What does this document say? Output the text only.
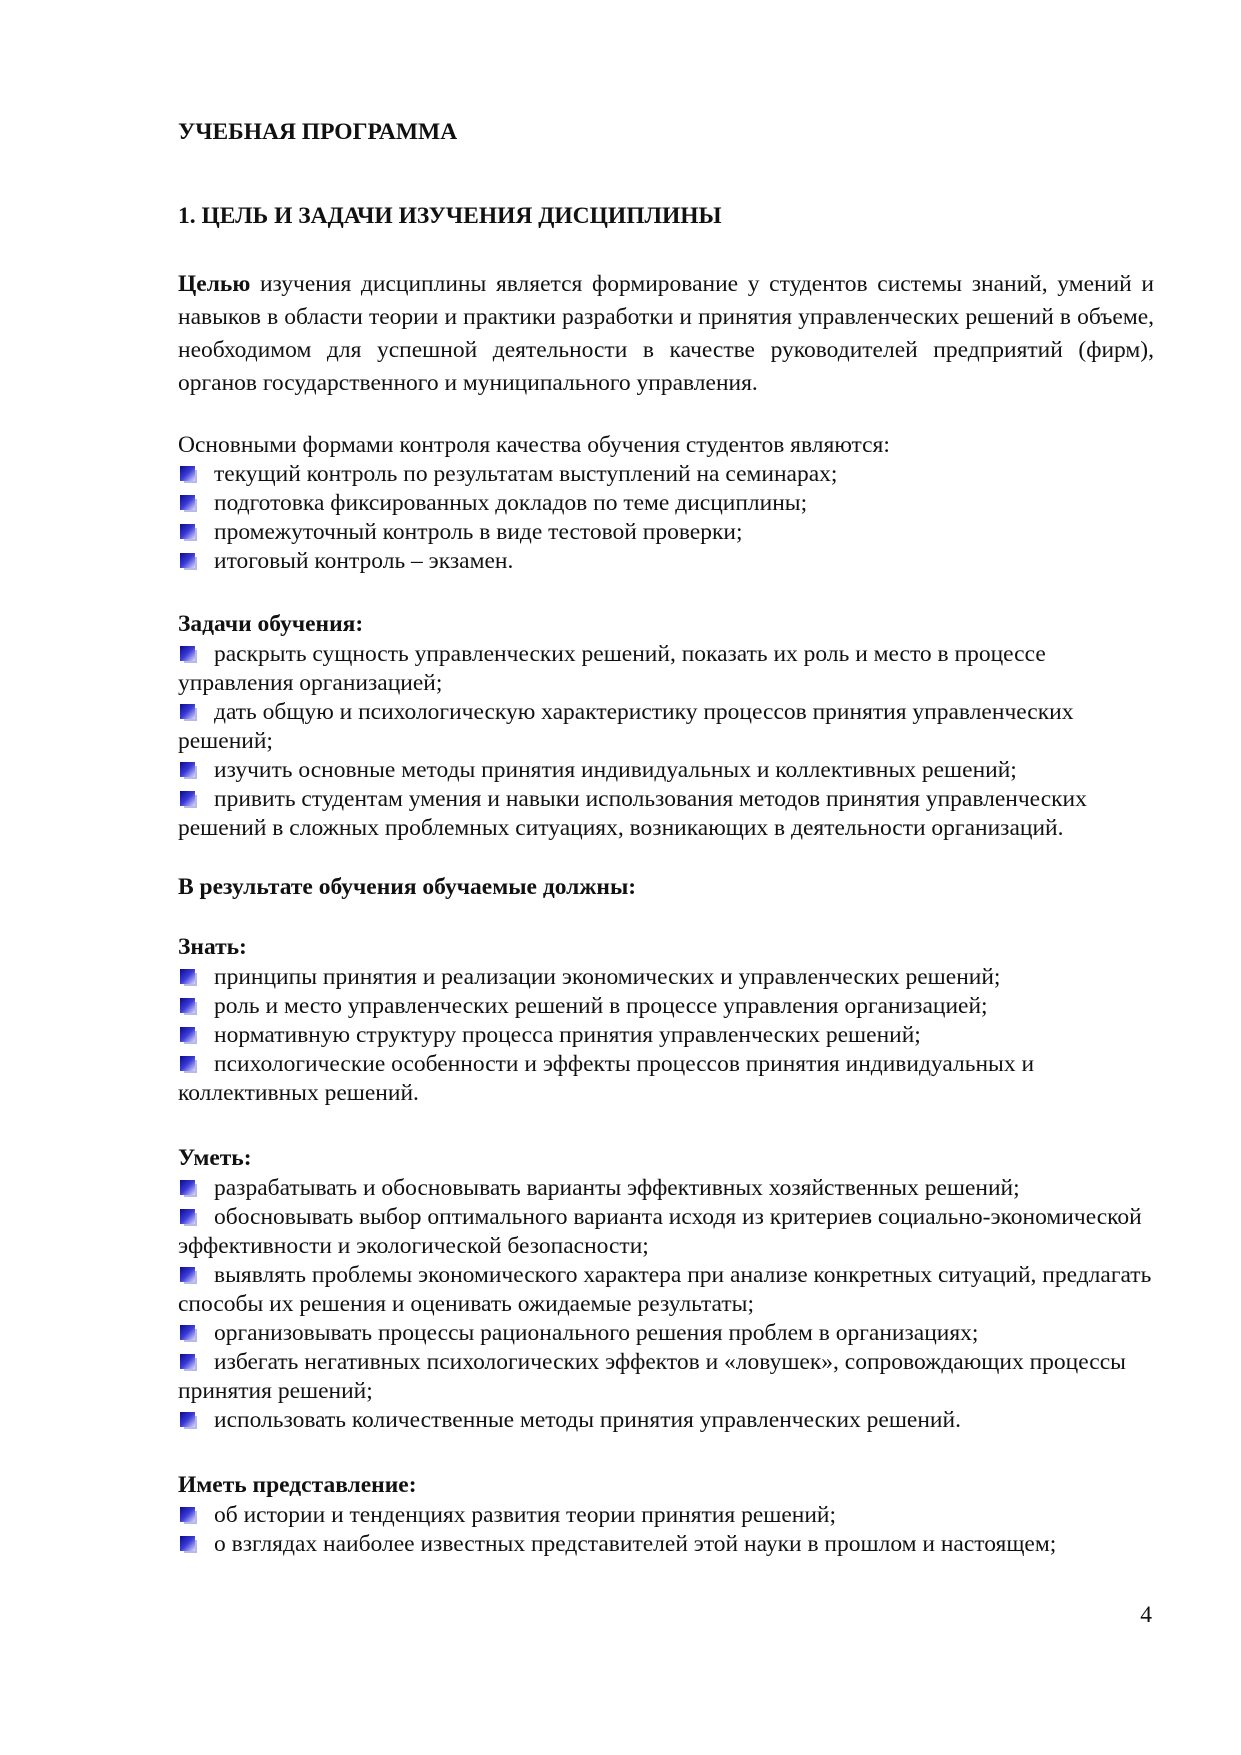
УЧЕБНАЯ ПРОГРАММА
1. ЦЕЛЬ И ЗАДАЧИ ИЗУЧЕНИЯ ДИСЦИПЛИНЫ

Целью изучения дисциплины является формирование у студентов системы знаний, умений и навыков в области теории и практики разработки и принятия управленческих решений в объеме, необходимом для успешной деятельности в качестве руководителей предприятий (фирм), органов государственного и муниципального управления.

Основными формами контроля качества обучения студентов являются:
текущий контроль по результатам выступлений на семинарах;
подготовка фиксированных докладов по теме дисциплины;
промежуточный контроль в виде тестовой проверки;
итоговый контроль – экзамен.
Задачи обучения:
раскрыть сущность управленческих решений, показать их роль и место в процессе управления организацией;
дать общую и психологическую характеристику процессов принятия управленческих решений;
изучить основные методы принятия индивидуальных и коллективных решений;
привить студентам умения и навыки использования методов принятия управленческих решений в сложных проблемных ситуациях, возникающих в деятельности организаций.
В результате обучения обучаемые должны:
Знать:
принципы принятия и реализации экономических и управленческих решений;
роль и место управленческих решений в процессе управления организацией;
нормативную структуру процесса принятия управленческих решений;
психологические особенности и эффекты процессов принятия индивидуальных и коллективных решений.
Уметь:
разрабатывать и обосновывать варианты эффективных хозяйственных решений;
обосновывать выбор оптимального варианта исходя из критериев социально-экономической эффективности и экологической безопасности;
выявлять проблемы экономического характера при анализе конкретных ситуаций, предлагать способы их решения и оценивать ожидаемые результаты;
организовывать процессы рационального решения проблем в организациях;
избегать негативных психологических эффектов и «ловушек», сопровождающих процессы принятия решений;
использовать количественные методы принятия управленческих решений.
Иметь представление:
об истории и тенденциях развития теории принятия решений;
о взглядах наиболее известных представителей этой науки в прошлом и настоящем;
4
